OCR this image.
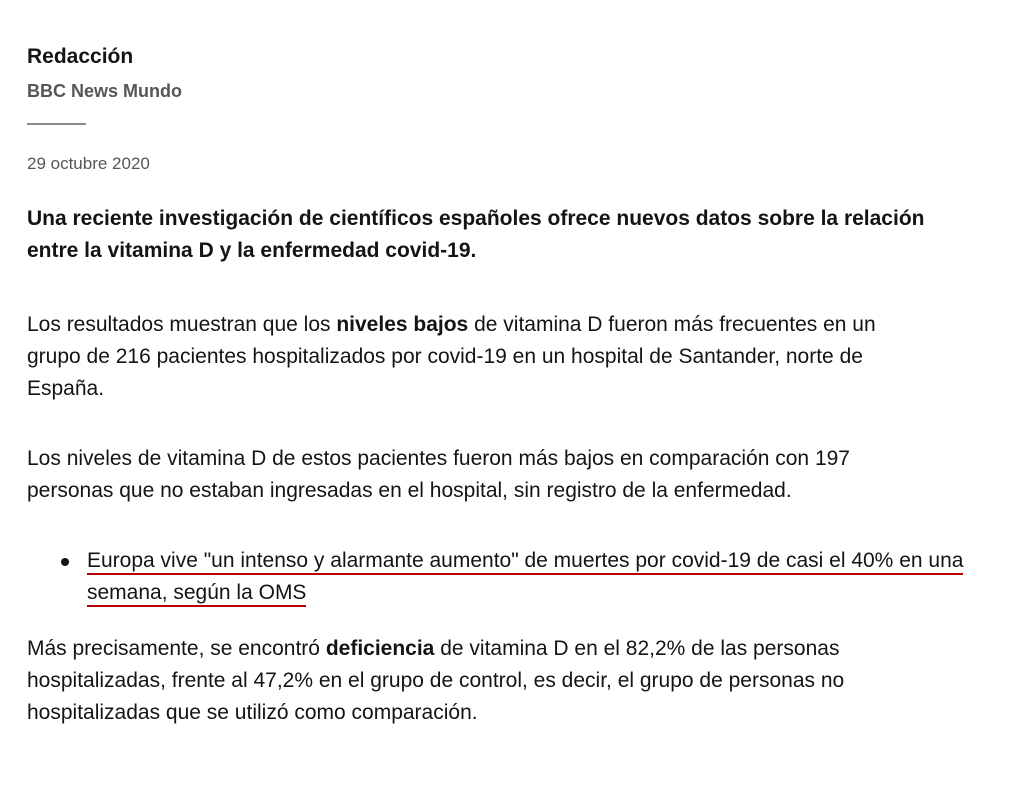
Redacción
BBC News Mundo
29 octubre 2020

Una reciente investigación de científicos españoles ofrece nuevos datos sobre la relación entre la vitamina D y la enfermedad covid-19.

Los resultados muestran que los niveles bajos de vitamina D fueron más frecuentes en un grupo de 216 pacientes hospitalizados por covid-19 en un hospital de Santander, norte de España.

Los niveles de vitamina D de estos pacientes fueron más bajos en comparación con 197 personas que no estaban ingresadas en el hospital, sin registro de la enfermedad.

Europa vive "un intenso y alarmante aumento" de muertes por covid-19 de casi el 40% en una semana, según la OMS

Más precisamente, se encontró deficiencia de vitamina D en el 82,2% de las personas hospitalizadas, frente al 47,2% en el grupo de control, es decir, el grupo de personas no hospitalizadas que se utilizó como comparación.
